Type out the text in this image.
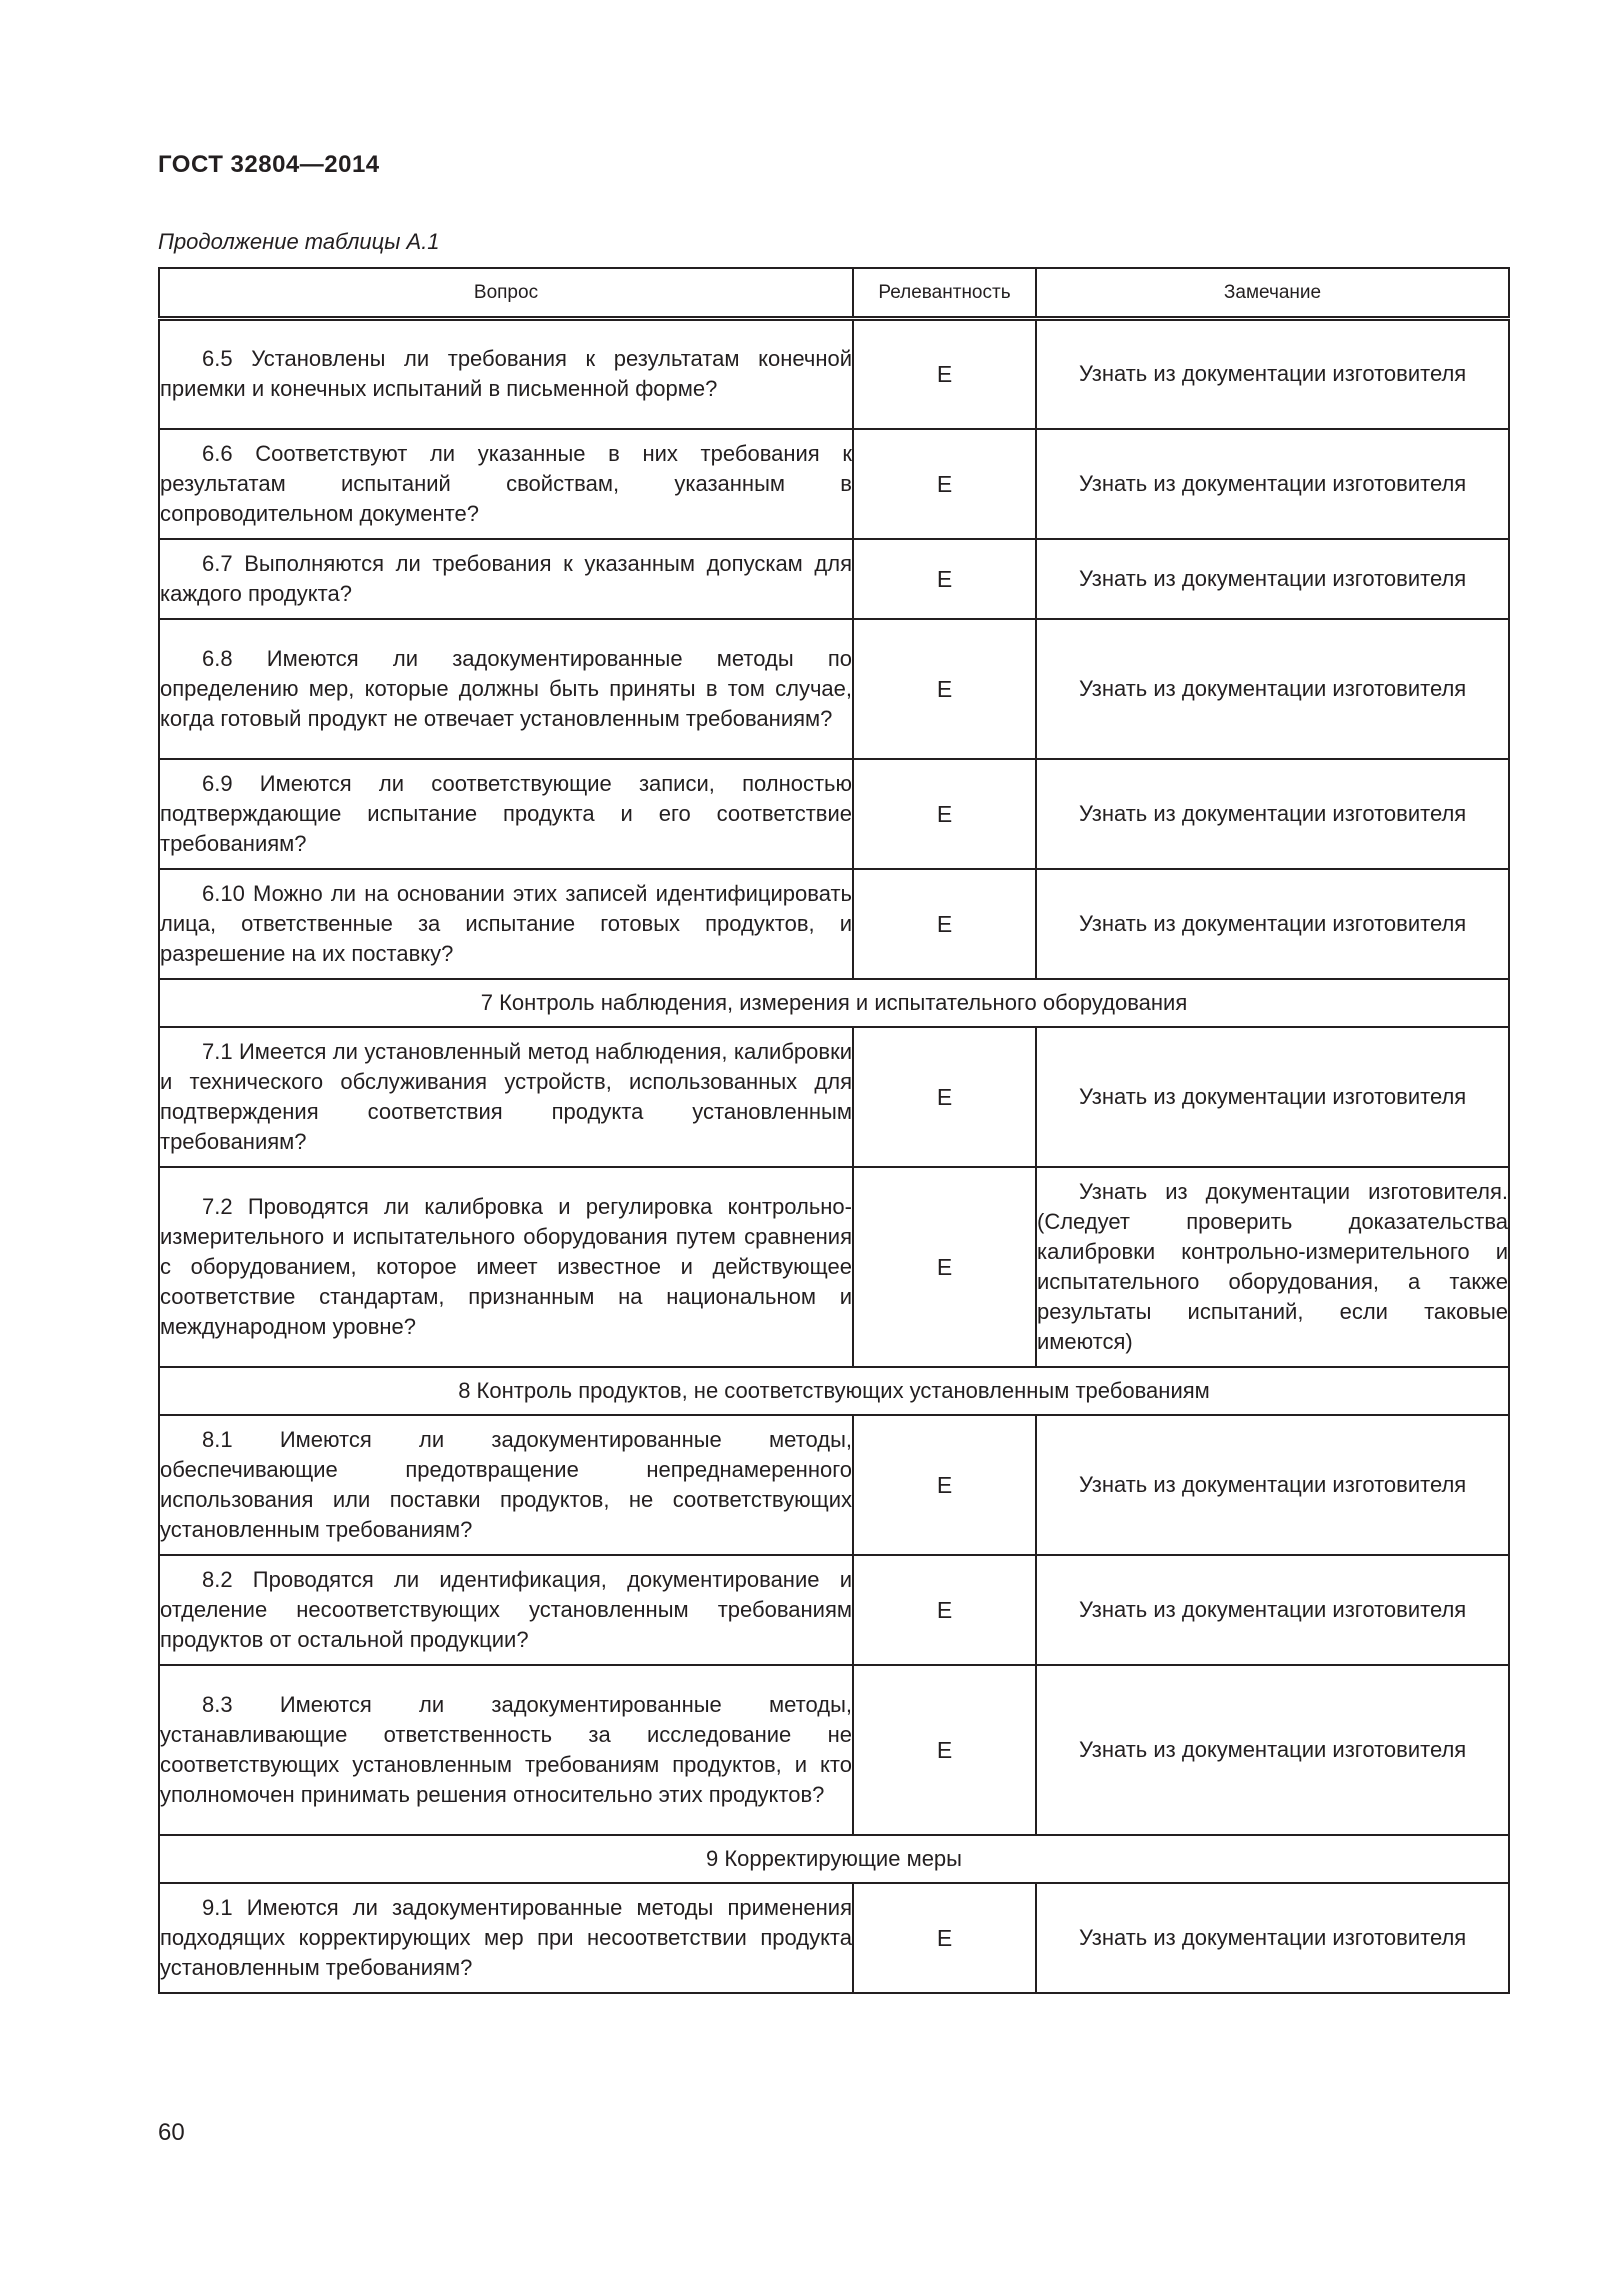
ГОСТ 32804—2014
Продолжение таблицы А.1
Вопрос	Релевантность	Замечание
6.5 Установлены ли требования к результатам конечной приемки и конечных испытаний в письменной форме?	E	Узнать из документации изготовителя

6.6 Соответствуют ли указанные в них требования к результатам испытаний свойствам, указанным в сопроводительном документе?	E	Узнать из документации изготовителя

6.7 Выполняются ли требования к указанным допускам для каждого продукта?	E	Узнать из документации изготовителя

6.8 Имеются ли задокументированные методы по определению мер, которые должны быть приняты в том случае, когда готовый продукт не отвечает установленным требованиям?	E	Узнать из документации изготовителя

6.9 Имеются ли соответствующие записи, полностью подтверждающие испытание продукта и его соответствие требованиям?	E	Узнать из документации изготовителя

6.10 Можно ли на основании этих записей идентифицировать лица, ответственные за испытание готовых продуктов, и разрешение на их поставку?	E	Узнать из документации изготовителя

7 Контроль наблюдения, измерения и испытательного оборудования		
7.1 Имеется ли установленный метод наблюдения, калибровки и технического обслуживания устройств, использованных для подтверждения соответствия продукта установленным требованиям?	E	Узнать из документации изготовителя

7.2 Проводятся ли калибровка и регулировка контрольно-измерительного и испытательного оборудования путем сравнения с оборудованием, которое имеет известное и действующее соответствие стандартам, признанным на национальном и международном уровне?	E	Узнать из документации изготовителя. (Следует проверить доказательства калибровки контрольно-измерительного и испытательного оборудования, а также результаты испытаний, если таковые имеются)

8 Контроль продуктов, не соответствующих установленным требованиям		
8.1 Имеются ли задокументированные методы, обеспечивающие предотвращение непреднамеренного использования или поставки продуктов, не соответствующих установленным требованиям?	E	Узнать из документации изготовителя

8.2 Проводятся ли идентификация, документирование и отделение несоответствующих установленным требованиям продуктов от остальной продукции?	E	Узнать из документации изготовителя

8.3 Имеются ли задокументированные методы, устанавливающие ответственность за исследование не соответствующих установленным требованиям продуктов, и кто уполномочен принимать решения относительно этих продуктов?	E	Узнать из документации изготовителя

9 Корректирующие меры		
9.1 Имеются ли задокументированные методы применения подходящих корректирующих мер при несоответствии продукта установленным требованиям?	E	Узнать из документации изготовителя
60
